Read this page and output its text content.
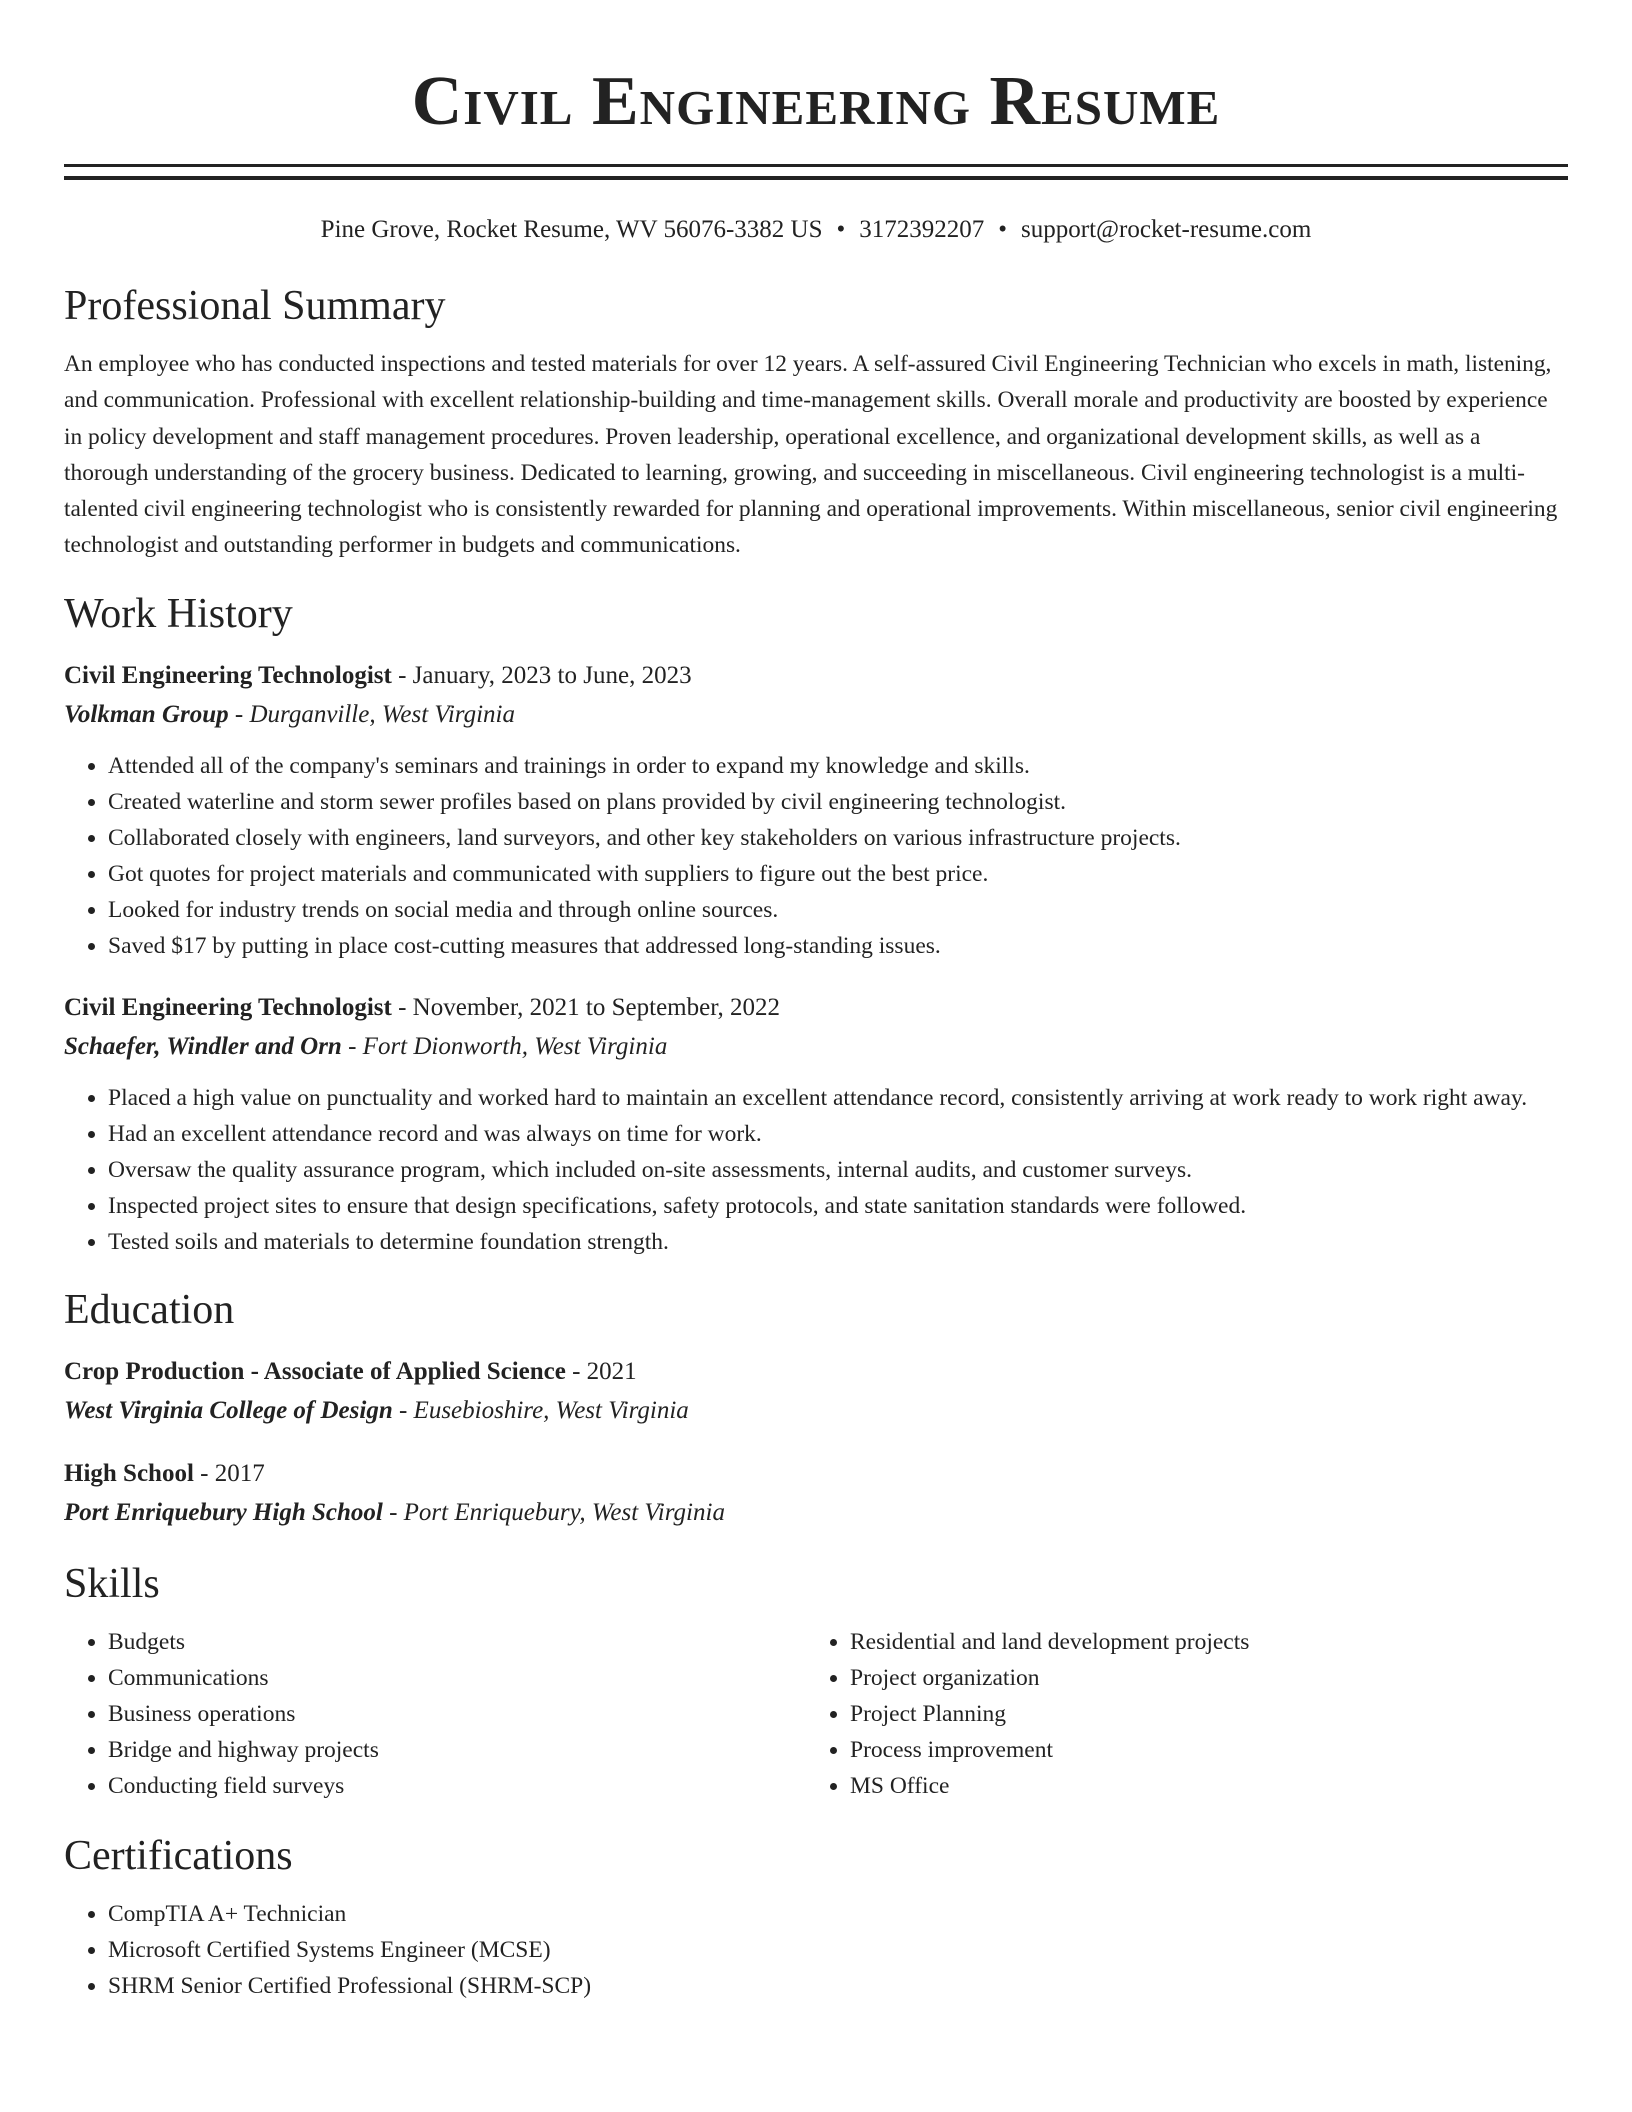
Civil Engineering Resume
Pine Grove, Rocket Resume, WV 56076-3382 US • 3172392207 • support@rocket-resume.com
Professional Summary

An employee who has conducted inspections and tested materials for over 12 years. A self-assured Civil Engineering Technician who excels in math, listening, and communication. Professional with excellent relationship-building and time-management skills. Overall morale and productivity are boosted by experience in policy development and staff management procedures. Proven leadership, operational excellence, and organizational development skills, as well as a thorough understanding of the grocery business. Dedicated to learning, growing, and succeeding in miscellaneous. Civil engineering technologist is a multi-talented civil engineering technologist who is consistently rewarded for planning and operational improvements. Within miscellaneous, senior civil engineering technologist and outstanding performer in budgets and communications.

Work History
Civil Engineering Technologist - January, 2023 to June, 2023
Volkman Group - Durganville, West Virginia
• Attended all of the company's seminars and trainings in order to expand my knowledge and skills.
• Created waterline and storm sewer profiles based on plans provided by civil engineering technologist.
• Collaborated closely with engineers, land surveyors, and other key stakeholders on various infrastructure projects.
• Got quotes for project materials and communicated with suppliers to figure out the best price.
• Looked for industry trends on social media and through online sources.
• Saved $17 by putting in place cost-cutting measures that addressed long-standing issues.
Civil Engineering Technologist - November, 2021 to September, 2022
Schaefer, Windler and Orn - Fort Dionworth, West Virginia
• Placed a high value on punctuality and worked hard to maintain an excellent attendance record, consistently arriving at work ready to work right away.
• Had an excellent attendance record and was always on time for work.
• Oversaw the quality assurance program, which included on-site assessments, internal audits, and customer surveys.
• Inspected project sites to ensure that design specifications, safety protocols, and state sanitation standards were followed.
• Tested soils and materials to determine foundation strength.
Education
Crop Production - Associate of Applied Science - 2021
West Virginia College of Design - Eusebioshire, West Virginia
High School - 2017
Port Enriquebury High School - Port Enriquebury, West Virginia
Skills
• Budgets
• Communications
• Business operations
• Bridge and highway projects
• Conducting field surveys
• Residential and land development projects
• Project organization
• Project Planning
• Process improvement
• MS Office
Certifications
• CompTIA A+ Technician
• Microsoft Certified Systems Engineer (MCSE)
• SHRM Senior Certified Professional (SHRM-SCP)
